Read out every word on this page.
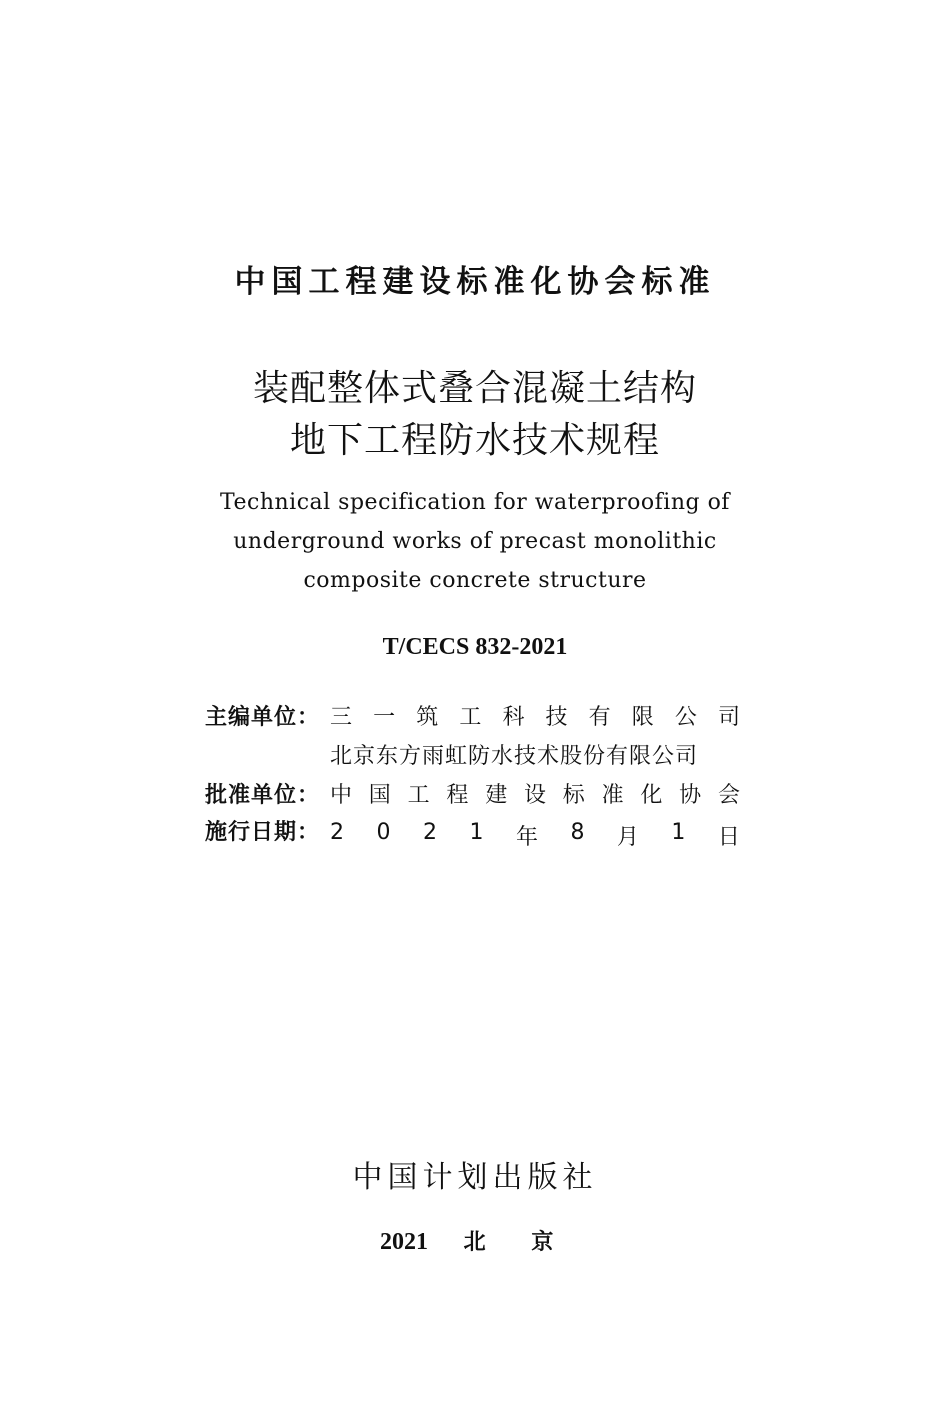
中国工程建设标准化协会标准
装配整体式叠合混凝土结构
地下工程防水技术规程
Technical specification for waterproofing of
underground works of precast monolithic
composite concrete structure
T/CECS 832-2021
主编单位： 三 一 筑 工 科 技 有 限 公 司
北京东方雨虹防水技术股份有限公司
批准单位： 中 国 工 程 建 设 标 准 化 协 会
施行日期： 2 0 2 1 年 8 月 1 日
中国计划出版社
2021 北 京
